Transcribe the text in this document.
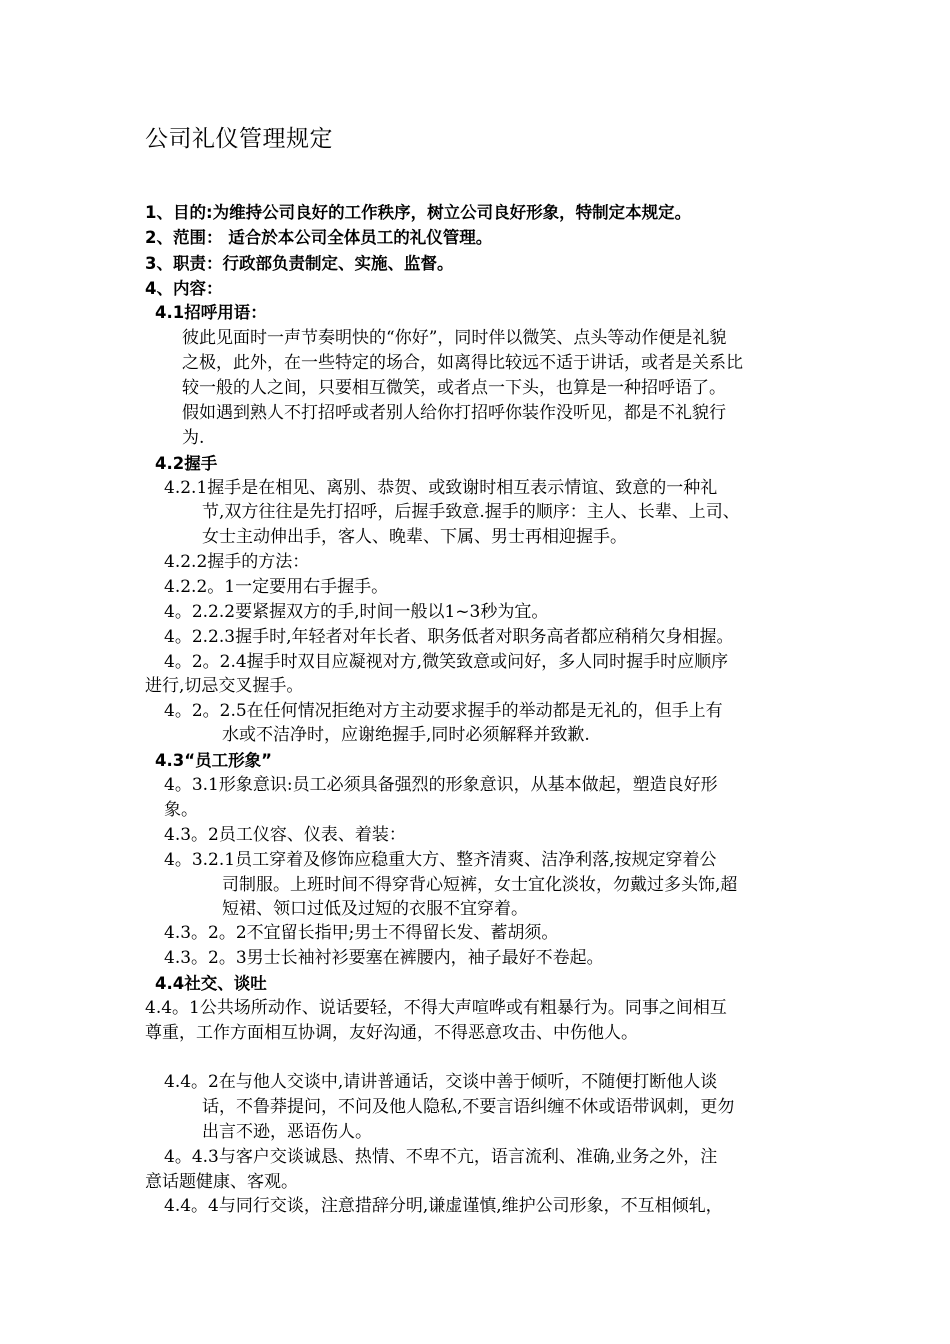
公司礼仪管理规定
1、目的:为维持公司良好的工作秩序，树立公司良好形象，特制定本规定。
2、范围： 适合於本公司全体员工的礼仪管理。
3、职责：行政部负责制定、实施、监督。
4、内容：
4.1招呼用语：
彼此见面时一声节奏明快的“你好”，同时伴以微笑、点头等动作便是礼貌
之极，此外，在一些特定的场合，如离得比较远不适于讲话，或者是关系比
较一般的人之间，只要相互微笑，或者点一下头，也算是一种招呼语了。
假如遇到熟人不打招呼或者别人给你打招呼你装作没听见，都是不礼貌行
为.
4.2握手
4.2.1握手是在相见、离别、恭贺、或致谢时相互表示情谊、致意的一种礼
节,双方往往是先打招呼，后握手致意.握手的顺序：主人、长辈、上司、
女士主动伸出手，客人、晚辈、下属、男士再相迎握手。
4.2.2握手的方法：
4.2.2。1一定要用右手握手。
4。2.2.2要紧握双方的手,时间一般以1~3秒为宜。
4。2.2.3握手时,年轻者对年长者、职务低者对职务高者都应稍稍欠身相握。
4。2。2.4握手时双目应凝视对方,微笑致意或问好，多人同时握手时应顺序
进行,切忌交叉握手。
4。2。2.5在任何情况拒绝对方主动要求握手的举动都是无礼的，但手上有
水或不洁净时，应谢绝握手,同时必须解释并致歉.
4.3“员工形象”
4。3.1形象意识:员工必须具备强烈的形象意识，从基本做起，塑造良好形
象。
4.3。2员工仪容、仪表、着装：
4。3.2.1员工穿着及修饰应稳重大方、整齐清爽、洁净利落,按规定穿着公
司制服。上班时间不得穿背心短裤，女士宜化淡妆，勿戴过多头饰,超
短裙、领口过低及过短的衣服不宜穿着。
4.3。2。2不宜留长指甲;男士不得留长发、蓄胡须。
4.3。2。3男士长袖衬衫要塞在裤腰内，袖子最好不卷起。
4.4社交、谈吐
4.4。1公共场所动作、说话要轻，不得大声喧哗或有粗暴行为。同事之间相互
尊重，工作方面相互协调，友好沟通，不得恶意攻击、中伤他人。
4.4。2在与他人交谈中,请讲普通话，交谈中善于倾听，不随便打断他人谈
话，不鲁莽提问，不问及他人隐私,不要言语纠缠不休或语带讽刺，更勿
出言不逊，恶语伤人。
4。4.3与客户交谈诚恳、热情、不卑不亢，语言流利、准确,业务之外，注
意话题健康、客观。
4.4。4与同行交谈，注意措辞分明,谦虚谨慎,维护公司形象，不互相倾轧，
